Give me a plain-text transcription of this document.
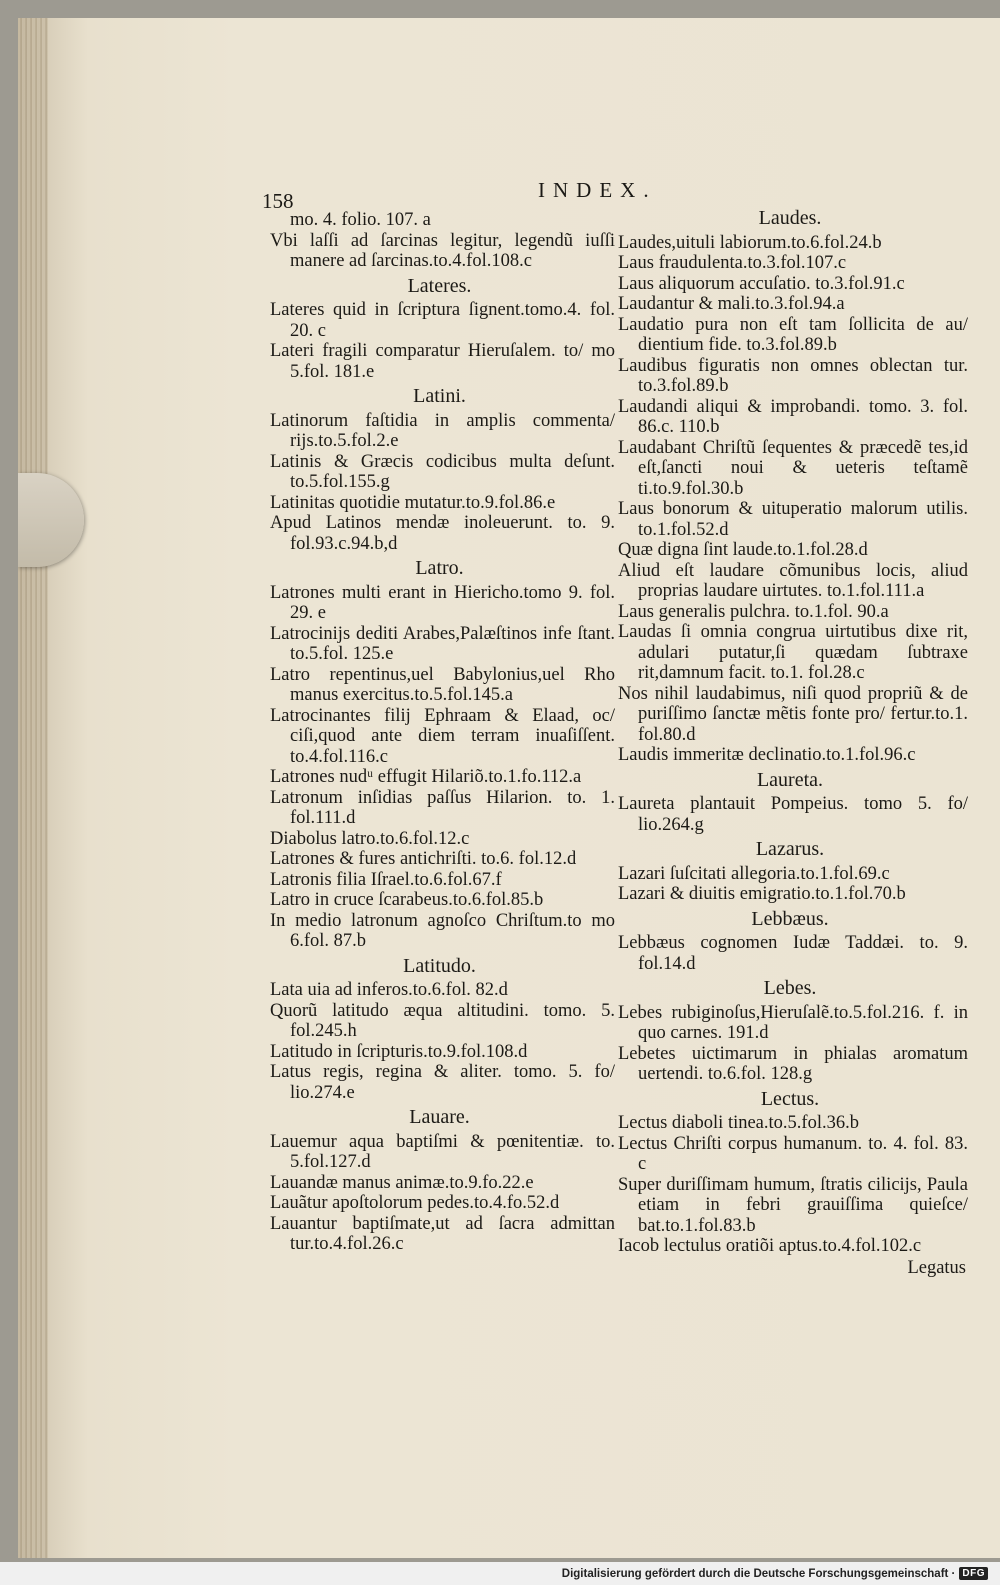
158	INDEX.
mo. 4. folio. 107. a
Vbi laſſi ad ſarcinas legitur, legendũ iuſſi manere ad ſarcinas.to.4.fol.108.c
Lateres.
Lateres quid in ſcriptura ſignent.tomo.4. fol. 20. c
Lateri fragili comparatur Hieruſalem. to/ mo 5.fol. 181.e
Latini.
Latinorum faſtidia in amplis commenta/ rijs.to.5.fol.2.e
Latinis & Græcis codicibus multa deſunt. to.5.fol.155.g
Latinitas quotidie mutatur.to.9.fol.86.e
Apud Latinos mendæ inoleuerunt. to. 9. fol.93.c.94.b,d
Latro.
Latrones multi erant in Hiericho.tomo 9. fol. 29. e
Latrocinijs dediti Arabes,Palæſtinos infe ſtant. to.5.fol. 125.e
Latro repentinus,uel Babylonius,uel Rho manus exercitus.to.5.fol.145.a
Latrocinantes filij Ephraam & Elaad, oc/ ciſi,quod ante diem terram inuaſiſſent. to.4.fol.116.c
Latrones nudᵘ effugit Hilariõ.to.1.fo.112.a
Latronum inſidias paſſus Hilarion. to. 1. fol.111.d
Diabolus latro.to.6.fol.12.c
Latrones & fures antichriſti. to.6. fol.12.d
Latronis filia Iſrael.to.6.fol.67.f
Latro in cruce ſcarabeus.to.6.fol.85.b
In medio latronum agnoſco Chriſtum.to mo 6.fol. 87.b
Latitudo.
Lata uia ad inferos.to.6.fol. 82.d
Quorũ latitudo æqua altitudini. tomo. 5. fol.245.h
Latitudo in ſcripturis.to.9.fol.108.d
Latus regis, regina & aliter. tomo. 5. fo/ lio.274.e
Lauare.
Lauemur aqua baptiſmi & pœnitentiæ. to. 5.fol.127.d
Lauandæ manus animæ.to.9.fo.22.e
Lauãtur apoſtolorum pedes.to.4.fo.52.d
Lauantur baptiſmate,ut ad ſacra admittan tur.to.4.fol.26.c
Laudes.
Laudes,uituli labiorum.to.6.fol.24.b
Laus fraudulenta.to.3.fol.107.c
Laus aliquorum accuſatio. to.3.fol.91.c
Laudantur & mali.to.3.fol.94.a
Laudatio pura non eſt tam ſollicita de au/ dientium fide. to.3.fol.89.b
Laudibus figuratis non omnes oblectan tur. to.3.fol.89.b
Laudandi aliqui & improbandi. tomo. 3. fol. 86.c. 110.b
Laudabant Chriſtũ ſequentes & præcedẽ tes,id eſt,ſancti noui & ueteris teſtamẽ ti.to.9.fol.30.b
Laus bonorum & uituperatio malorum utilis. to.1.fol.52.d
Quæ digna ſint laude.to.1.fol.28.d
Aliud eſt laudare cõmunibus locis, aliud proprias laudare uirtutes. to.1.fol.111.a
Laus generalis pulchra. to.1.fol. 90.a
Laudas ſi omnia congrua uirtutibus dixe rit, adulari putatur,ſi quædam ſubtraxe rit,damnum facit. to.1. fol.28.c
Nos nihil laudabimus, niſi quod propriũ & de puriſſimo ſanctæ mẽtis fonte pro/ fertur.to.1. fol.80.d
Laudis immeritæ declinatio.to.1.fol.96.c
Laureta.
Laureta plantauit Pompeius. tomo 5. fo/ lio.264.g
Lazarus.
Lazari ſuſcitati allegoria.to.1.fol.69.c
Lazari & diuitis emigratio.to.1.fol.70.b
Lebbæus.
Lebbæus cognomen Iudæ Taddæi. to. 9. fol.14.d
Lebes.
Lebes rubiginoſus,Hieruſalẽ.to.5.fol.216. f. in quo carnes. 191.d
Lebetes uictimarum in phialas aromatum uertendi. to.6.fol. 128.g
Lectus.
Lectus diaboli tinea.to.5.fol.36.b
Lectus Chriſti corpus humanum. to. 4. fol. 83. c
Super duriſſimam humum, ſtratis cilicijs, Paula etiam in febri grauiſſima quieſce/ bat.to.1.fol.83.b
Iacob lectulus oratiõi aptus.to.4.fol.102.c
Legatus
Digitalisierung gefördert durch die Deutsche Forschungsgemeinschaft · DFG
